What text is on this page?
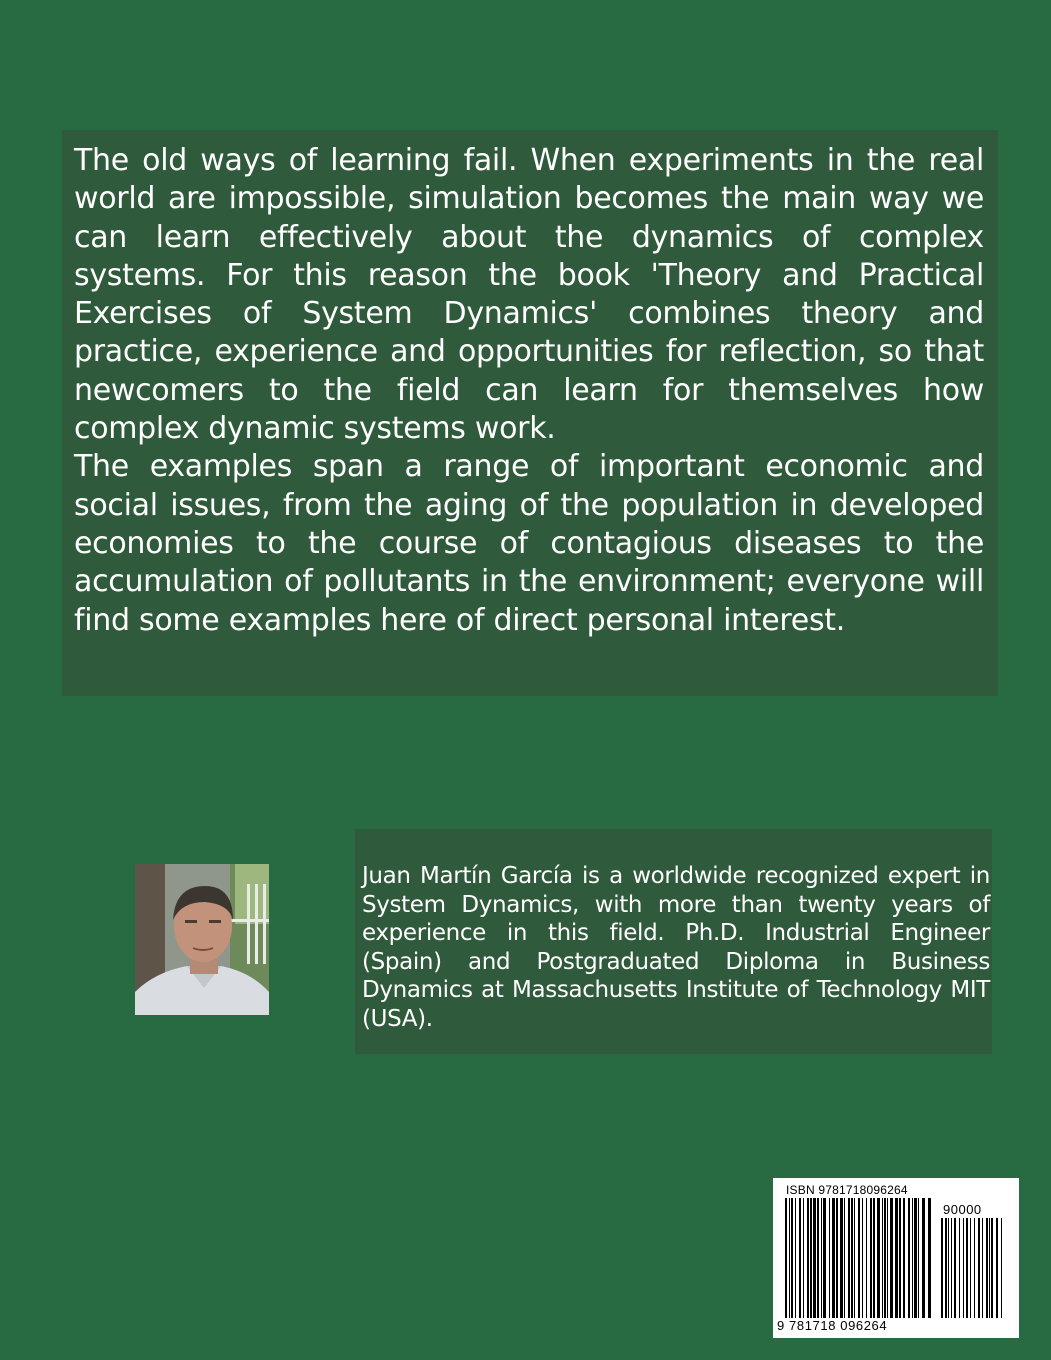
The old ways of learning fail. When experiments in the real world are impossible, simulation becomes the main way we can learn effectively about the dynamics of complex systems. For this reason the book 'Theory and Practical Exercises of System Dynamics' combines theory and practice, experience and opportunities for reflection, so that newcomers to the field can learn for themselves how complex dynamic systems work.

The examples span a range of important economic and social issues, from the aging of the population in developed economies to the course of contagious diseases to the accumulation of pollutants in the environment; everyone will find some examples here of direct personal interest.

Juan Martín García is a worldwide recognized expert in System Dynamics, with more than twenty years of experience in this field. Ph.D. Industrial Engineer (Spain) and Postgraduated Diploma in Business Dynamics at Massachusetts Institute of Technology MIT (USA).

ISBN 9781718096264
90000
9 781718 096264
